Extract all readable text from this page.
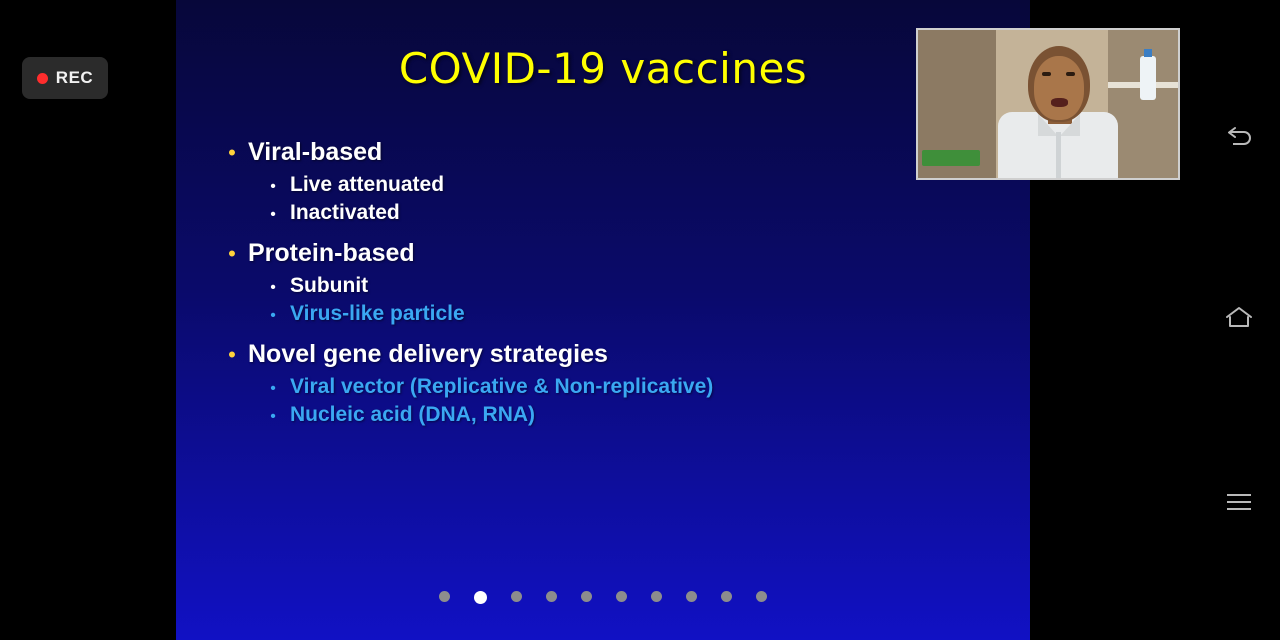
REC	COVID-19 vaccines
• Viral-based
• Live attenuated
• Inactivated
• Protein-based
• Subunit
• Virus-like particle
• Novel gene delivery strategies
• Viral vector (Replicative & Non-replicative)
• Nucleic acid (DNA, RNA)
